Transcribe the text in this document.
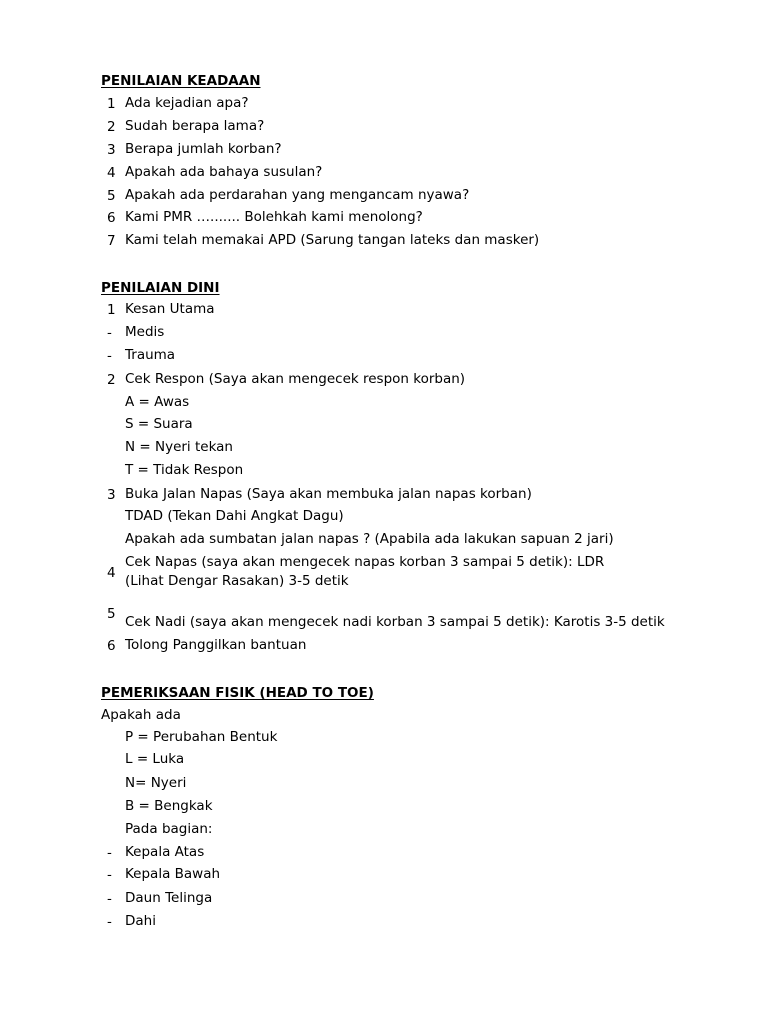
PENILAIAN KEADAAN
1 Ada kejadian apa?
2 Sudah berapa lama?
3 Berapa jumlah korban?
4 Apakah ada bahaya susulan?
5 Apakah ada perdarahan yang mengancam nyawa?
6 Kami PMR …....... Bolehkah kami menolong?
7 Kami telah memakai APD (Sarung tangan lateks dan masker)
PENILAIAN DINI
1 Kesan Utama
- Medis
- Trauma
2 Cek Respon (Saya akan mengecek respon korban)
A = Awas
S = Suara
N = Nyeri tekan
T = Tidak Respon
3 Buka Jalan Napas (Saya akan membuka jalan napas korban)
TDAD (Tekan Dahi Angkat Dagu)
Apakah ada sumbatan jalan napas ? (Apabila ada lakukan sapuan 2 jari)
4
Cek Napas (saya akan mengecek napas korban 3 sampai 5 detik): LDR (Lihat Dengar Rasakan) 3-5 detik
5 Cek Nadi (saya akan mengecek nadi korban 3 sampai 5 detik): Karotis 3-5 detik
6 Tolong Panggilkan bantuan
PEMERIKSAAN FISIK (HEAD TO TOE)
Apakah ada
P = Perubahan Bentuk
L = Luka
N= Nyeri
B = Bengkak
Pada bagian:
- Kepala Atas
- Kepala Bawah
- Daun Telinga
- Dahi
